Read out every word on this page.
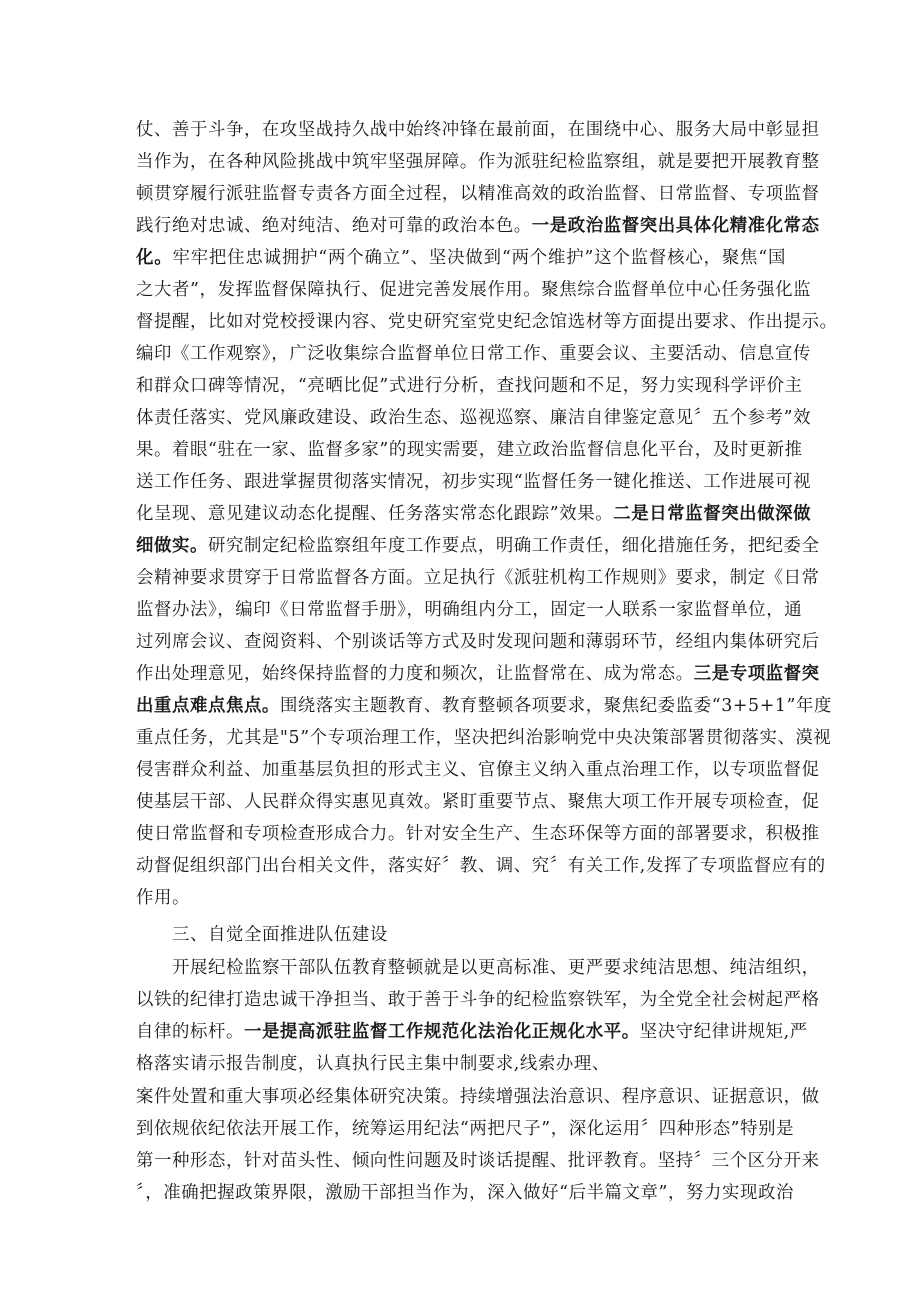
仗、善于斗争，在攻坚战持久战中始终冲锋在最前面，在围绕中心、服务大局中彰显担
当作为，在各种风险挑战中筑牢坚强屏障。作为派驻纪检监察组，就是要把开展教育整
顿贯穿履行派驻监督专责各方面全过程，以精准高效的政治监督、日常监督、专项监督
践行绝对忠诚、绝对纯洁、绝对可靠的政治本色。一是政治监督突出具体化精准化常态
化。牢牢把住忠诚拥护“两个确立”、坚决做到“两个维护”这个监督核心，聚焦“国
之大者”，发挥监督保障执行、促进完善发展作用。聚焦综合监督单位中心任务强化监
督提醒，比如对党校授课内容、党史研究室党史纪念馆选材等方面提出要求、作出提示。
编印《工作观察》，广泛收集综合监督单位日常工作、重要会议、主要活动、信息宣传
和群众口碑等情况，“亮晒比促”式进行分析，查找问题和不足，努力实现科学评价主
体责任落实、党风廉政建设、政治生态、巡视巡察、廉洁自律鉴定意见〞五个参考”效
果。着眼“驻在一家、监督多家”的现实需要，建立政治监督信息化平台，及时更新推
送工作任务、跟进掌握贯彻落实情况，初步实现“监督任务一键化推送、工作进展可视
化呈现、意见建议动态化提醒、任务落实常态化跟踪”效果。二是日常监督突出做深做
细做实。研究制定纪检监察组年度工作要点，明确工作责任，细化措施任务，把纪委全
会精神要求贯穿于日常监督各方面。立足执行《派驻机构工作规则》要求，制定《日常
监督办法》，编印《日常监督手册》，明确组内分工，固定一人联系一家监督单位，通
过列席会议、查阅资料、个别谈话等方式及时发现问题和薄弱环节，经组内集体研究后
作出处理意见，始终保持监督的力度和频次，让监督常在、成为常态。三是专项监督突
出重点难点焦点。围绕落实主题教育、教育整顿各项要求，聚焦纪委监委“3+5+1”年度
重点任务，尤其是"5”个专项治理工作，坚决把纠治影响党中央决策部署贯彻落实、漠视
侵害群众利益、加重基层负担的形式主义、官僚主义纳入重点治理工作，以专项监督促
使基层干部、人民群众得实惠见真效。紧盯重要节点、聚焦大项工作开展专项检查，促
使日常监督和专项检查形成合力。针对安全生产、生态环保等方面的部署要求，积极推
动督促组织部门出台相关文件，落实好〞教、调、究〞有关工作,发挥了专项监督应有的
作用。
三、自觉全面推进队伍建设
开展纪检监察干部队伍教育整顿就是以更高标准、更严要求纯洁思想、纯洁组织，
以铁的纪律打造忠诚干净担当、敢于善于斗争的纪检监察铁军，为全党全社会树起严格
自律的标杆。一是提高派驻监督工作规范化法治化正规化水平。坚决守纪律讲规矩,严
格落实请示报告制度，认真执行民主集中制要求,线索办理、
案件处置和重大事项必经集体研究决策。持续增强法治意识、程序意识、证据意识，做
到依规依纪依法开展工作，统筹运用纪法“两把尺子”，深化运用〞四种形态”特别是
第一种形态，针对苗头性、倾向性问题及时谈话提醒、批评教育。坚持〞三个区分开来
〞，准确把握政策界限，激励干部担当作为，深入做好“后半篇文章”，努力实现政治
